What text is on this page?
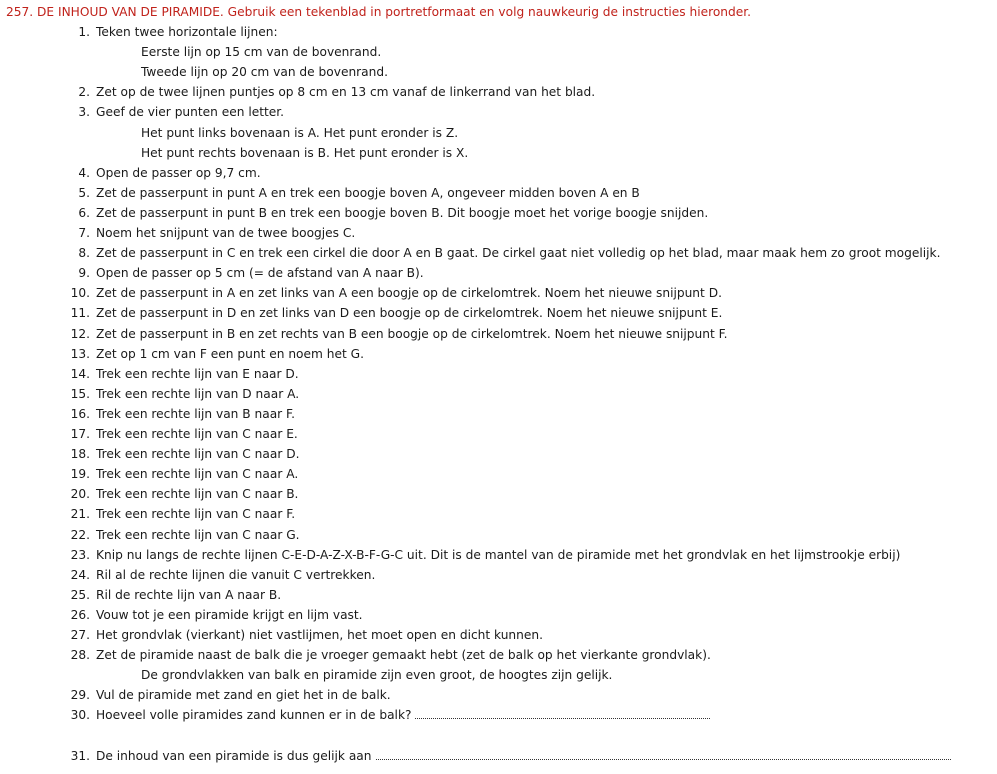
257. DE INHOUD VAN DE PIRAMIDE. Gebruik een tekenblad in portretformaat en volg nauwkeurig de instructies hieronder.
1. Teken twee horizontale lijnen:
Eerste lijn op 15 cm van de bovenrand.
Tweede lijn op 20 cm van de bovenrand.
2. Zet op de twee lijnen puntjes op 8 cm en 13 cm vanaf de linkerrand van het blad.
3. Geef de vier punten een letter.
Het punt links bovenaan is A. Het punt eronder is Z.
Het punt rechts bovenaan is B. Het punt eronder is X.
4. Open de passer op 9,7 cm.
5. Zet de passerpunt in punt A en trek een boogje boven A, ongeveer midden boven A en B
6. Zet de passerpunt in punt B en trek een boogje boven B. Dit boogje moet het vorige boogje snijden.
7. Noem het snijpunt van de twee boogjes C.
8. Zet de passerpunt in C en trek een cirkel die door A en B gaat. De cirkel gaat niet volledig op het blad, maar maak hem zo groot mogelijk.
9. Open de passer op 5 cm (= de afstand van A naar B).
10. Zet de passerpunt in A en zet links van A een boogje op de cirkelomtrek. Noem het nieuwe snijpunt D.
11. Zet de passerpunt in D en zet links van D een boogje op de cirkelomtrek. Noem het nieuwe snijpunt E.
12. Zet de passerpunt in B en zet rechts van B een boogje op de cirkelomtrek. Noem het nieuwe snijpunt F.
13. Zet op 1 cm van F een punt en noem het G.
14. Trek een rechte lijn van E naar D.
15. Trek een rechte lijn van D naar A.
16. Trek een rechte lijn van B naar F.
17. Trek een rechte lijn van C naar E.
18. Trek een rechte lijn van C naar D.
19. Trek een rechte lijn van C naar A.
20. Trek een rechte lijn van C naar B.
21. Trek een rechte lijn van C naar F.
22. Trek een rechte lijn van C naar G.
23. Knip nu langs de rechte lijnen C-E-D-A-Z-X-B-F-G-C uit. Dit is de mantel van de piramide met het grondvlak en het lijmstrookje erbij)
24. Ril al de rechte lijnen die vanuit C vertrekken.
25. Ril de rechte lijn van A naar B.
26. Vouw tot je een piramide krijgt en lijm vast.
27. Het grondvlak (vierkant) niet vastlijmen, het moet open en dicht kunnen.
28. Zet de piramide naast de balk die je vroeger gemaakt hebt (zet de balk op het vierkante grondvlak).
De grondvlakken van balk en piramide zijn even groot, de hoogtes zijn gelijk.
29. Vul de piramide met zand en giet het in de balk.
30. Hoeveel volle piramides zand kunnen er in de balk?
31. De inhoud van een piramide is dus gelijk aan
